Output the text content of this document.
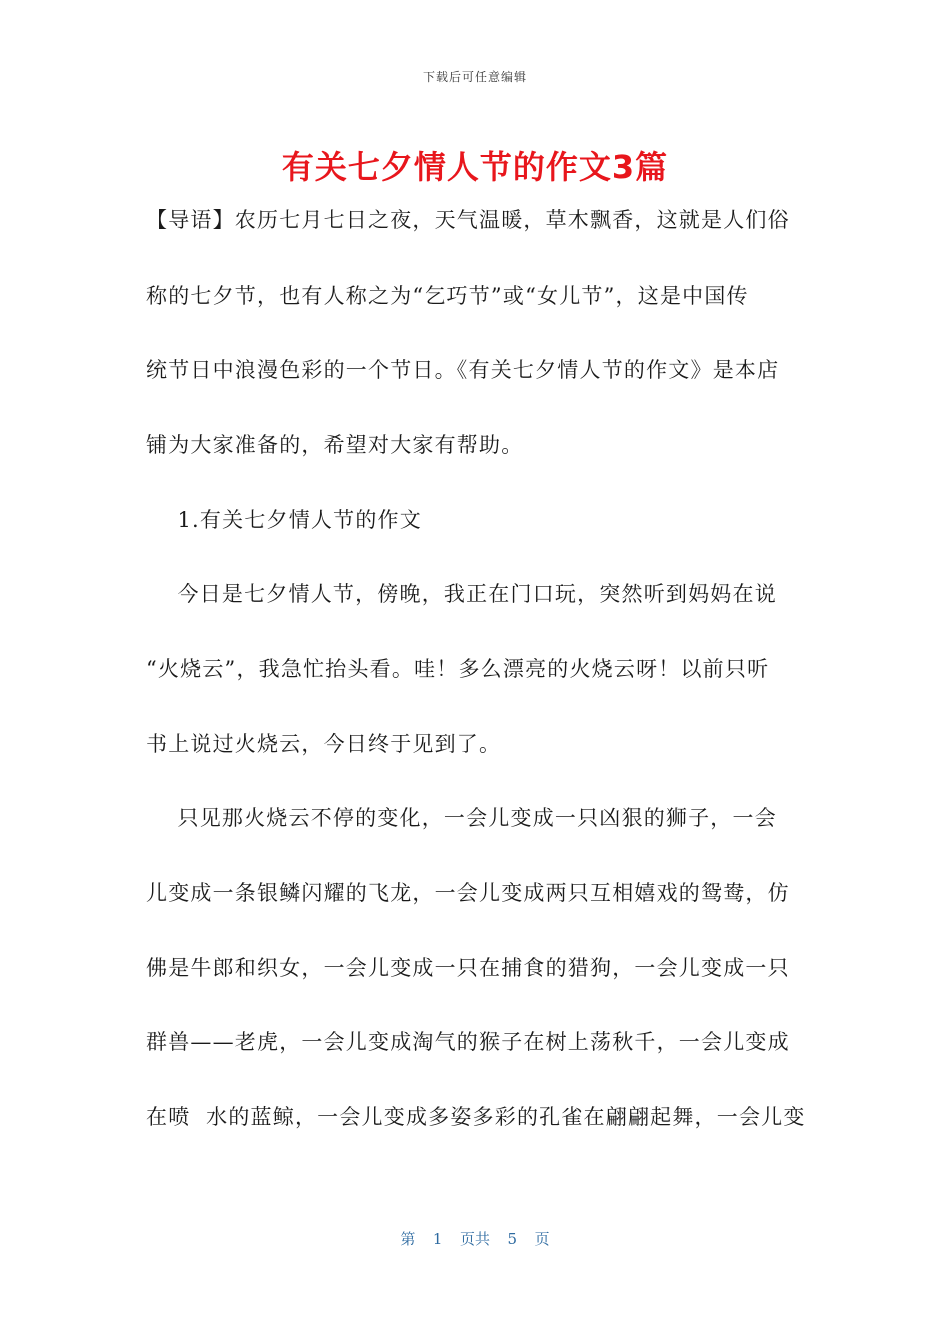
下载后可任意编辑
有关七夕情人节的作文3篇
【导语】农历七月七日之夜，天气温暖，草木飘香，这就是人们俗
称的七夕节，也有人称之为“乞巧节”或“女儿节”，这是中国传
统节日中浪漫色彩的一个节日。《有关七夕情人节的作文》是本店
铺为大家准备的，希望对大家有帮助。
1.有关七夕情人节的作文
今日是七夕情人节，傍晚，我正在门口玩，突然听到妈妈在说
“火烧云”，我急忙抬头看。哇！多么漂亮的火烧云呀！以前只听
书上说过火烧云，今日终于见到了。
只见那火烧云不停的变化，一会儿变成一只凶狠的狮子，一会
儿变成一条银鳞闪耀的飞龙，一会儿变成两只互相嬉戏的鸳鸯，仿
佛是牛郎和织女，一会儿变成一只在捕食的猎狗，一会儿变成一只
群兽——老虎，一会儿变成淘气的猴子在树上荡秋千，一会儿变成
在喷  水的蓝鲸，一会儿变成多姿多彩的孔雀在翩翩起舞，一会儿变
第  1  页共  5  页
